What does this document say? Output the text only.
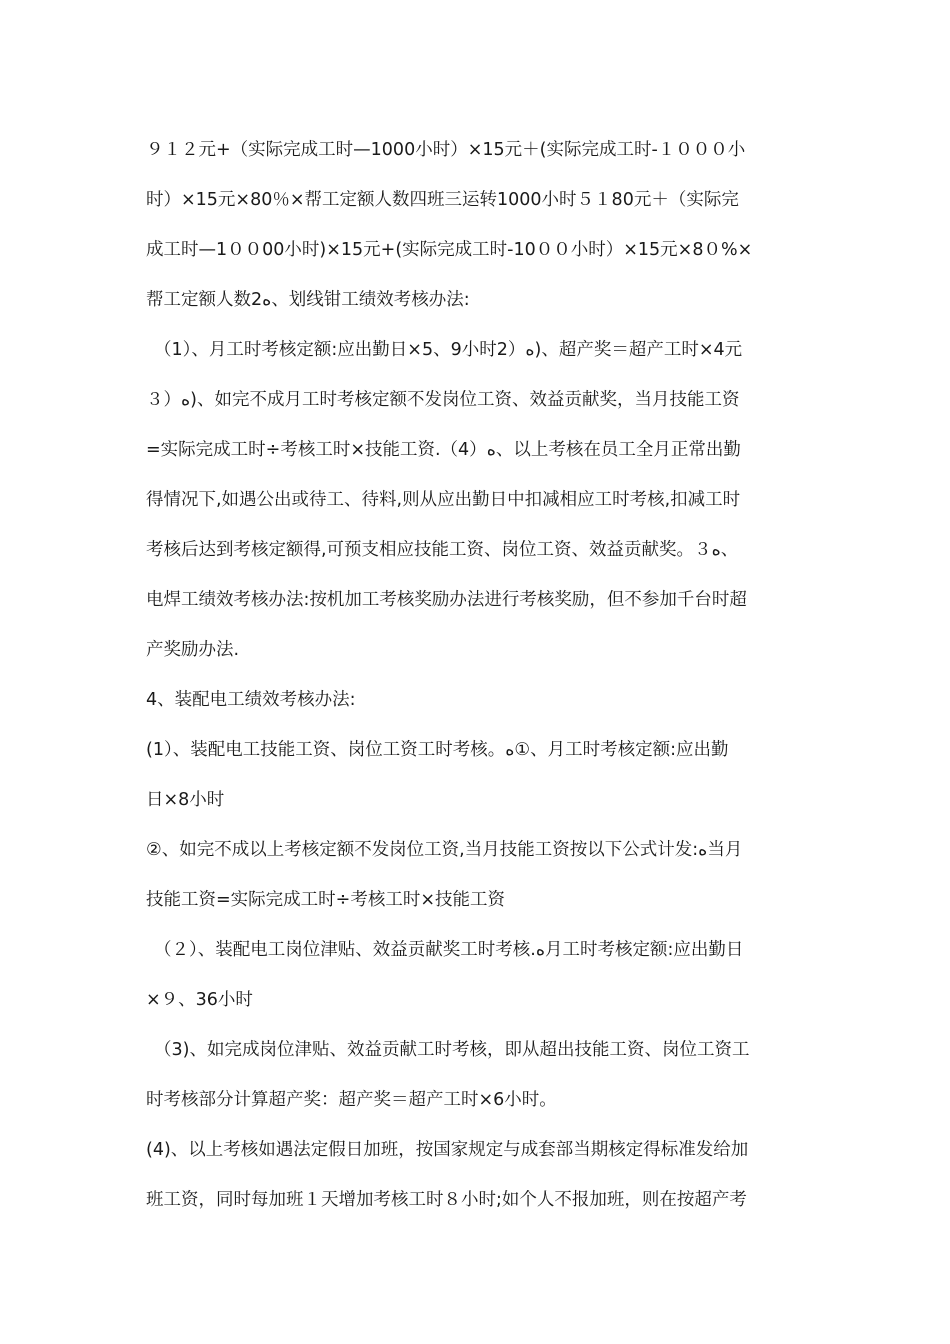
９１２元+（实际完成工时—1000小时）×15元＋(实际完成工时-１０００小
时）×15元×80％×帮工定额人数四班三运转1000小时５１80元＋（实际完
成工时—1００00小时)×15元+(实际完成工时-10００小时）×15元×8０%×
帮工定额人数2ﻩ、划线钳工绩效考核办法:
（1）、月工时考核定额:应出勤日×5、9小时2）ﻩ)、超产奖＝超产工时×4元
３）ﻩ)、如完不成月工时考核定额不发岗位工资、效益贡献奖，当月技能工资
=实际完成工时÷考核工时×技能工资.（4）ﻩ、以上考核在员工全月正常出勤
得情况下,如遇公出或待工、待料,则从应出勤日中扣减相应工时考核,扣减工时
考核后达到考核定额得,可预支相应技能工资、岗位工资、效益贡献奖。３ﻩ、
电焊工绩效考核办法:按机加工考核奖励办法进行考核奖励，但不参加千台时超
产奖励办法.
4、装配电工绩效考核办法:
(1）、装配电工技能工资、岗位工资工时考核。ﻩ①、月工时考核定额:应出勤
日×8小时
②、如完不成以上考核定额不发岗位工资,当月技能工资按以下公式计发:ﻩ当月
技能工资=实际完成工时÷考核工时×技能工资
（２）、装配电工岗位津贴、效益贡献奖工时考核.ﻩ月工时考核定额:应出勤日
×９、36小时
（3)、如完成岗位津贴、效益贡献工时考核，即从超出技能工资、岗位工资工
时考核部分计算超产奖：超产奖＝超产工时×6小时。
(4)、以上考核如遇法定假日加班，按国家规定与成套部当期核定得标准发给加
班工资，同时每加班１天增加考核工时８小时;如个人不报加班，则在按超产考
